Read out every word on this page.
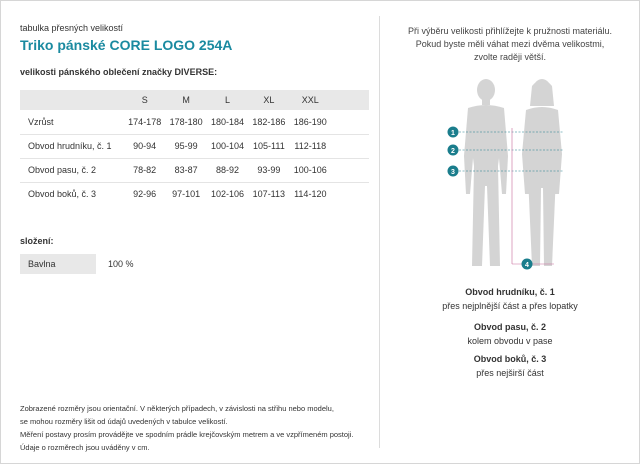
tabulka přesných velikostí
Triko pánské CORE LOGO 254A
velikosti pánského oblečení značky DIVERSE:
	S	M	L	XL	XXL	
Vzrůst	174-178	178-180	180-184	182-186	186-190	
Obvod hrudníku, č. 1	90-94	95-99	100-104	105-111	112-118	
Obvod pasu, č. 2	78-82	83-87	88-92	93-99	100-106	
Obvod boků, č. 3	92-96	97-101	102-106	107-113	114-120	
složení:
Bavlna	100 %
Zobrazené rozměry jsou orientační. V některých případech, v závislosti na střihu nebo modelu,
se mohou rozměry lišit od údajů uvedených v tabulce velikostí.
Měření postavy prosím provádějte ve spodním prádle krejčovským metrem a ve vzpřímeném postoji.
Údaje o rozměrech jsou uváděny v cm.
Při výběru velikosti přihlížejte k pružnosti materiálu.
Pokud byste měli váhat mezi dvěma velikostmi,
zvolte raději větší.
1
2
3
4
Obvod hrudníku, č. 1
přes nejplnější část a přes lopatky
Obvod pasu, č. 2
kolem obvodu v pase
Obvod boků, č. 3
přes nejširší část
